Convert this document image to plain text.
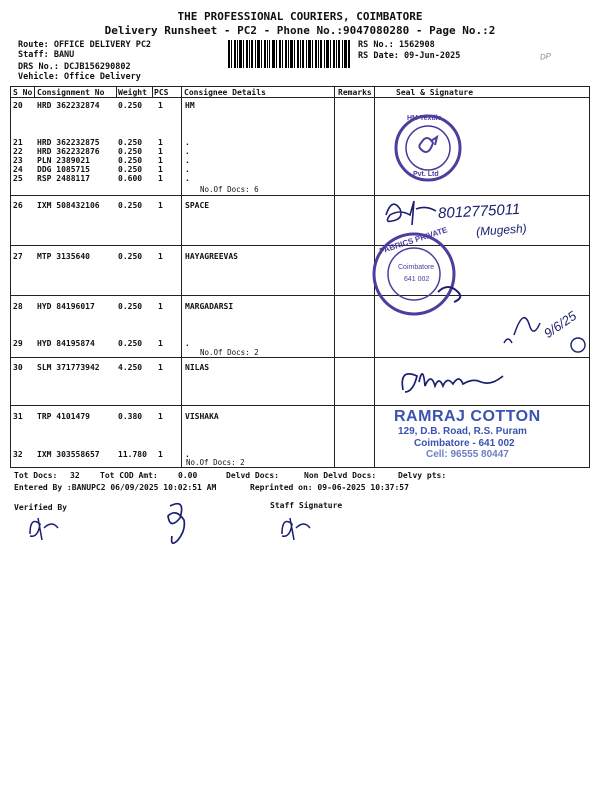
THE PROFESSIONAL COURIERS, COIMBATORE
Delivery Runsheet - PC2 - Phone No.:9047080280 - Page No.:2
Route: OFFICE DELIVERY PC2
Staff: BANU
DRS No.: DCJB156290802
Vehicle: Office Delivery
RS No.: 1562908
RS Date: 09-Jun-2025	DP
S No Consignment No Weight PCS Consignee Details	Remarks	Seal & Signature
20 HRD 362232874 0.250 1	HM
21 HRD 362232875 0.250 1	.
22 HRD 362232876 0.250 1	.
23 PLN 2389021	0.250 1	.
24 DDG 1085715	0.250 1	.
25 RSP 2488117	0.600 1	.
No.Of Docs: 6
26 IXM 508432106 0.250 1	SPACE
27 MTP 3135640	0.250 1	HAYAGREEVAS
28 HYD 84196017	0.250 1	MARGADARSI
29 HYD 84195874	0.250 1	.
No.Of Docs: 2
30 SLM 371773942 4.250 1	NILAS
31 TRP 4101479	0.380 1	VISHAKA
32 IXM 303558657 11.780 1	.
No.Of Docs: 2
HM Textile
Pvt. Ltd
8012775011
(Mugesh)
FABRICS PRIVATE
Coimbatore
641 002
9/6/25
RAMRAJ COTTON
129, D.B. Road, R.S. Puram
Coimbatore - 641 002
Cell: 96555 80447
Tot Docs: 32	Tot COD Amt:	0.00	Delvd Docs:	Non Delvd Docs:	Delvy pts:
Entered By :BANUPC2 06/09/2025 10:02:51 AM	Reprinted on: 09-06-2025 10:37:57
Verified By	Staff Signature
